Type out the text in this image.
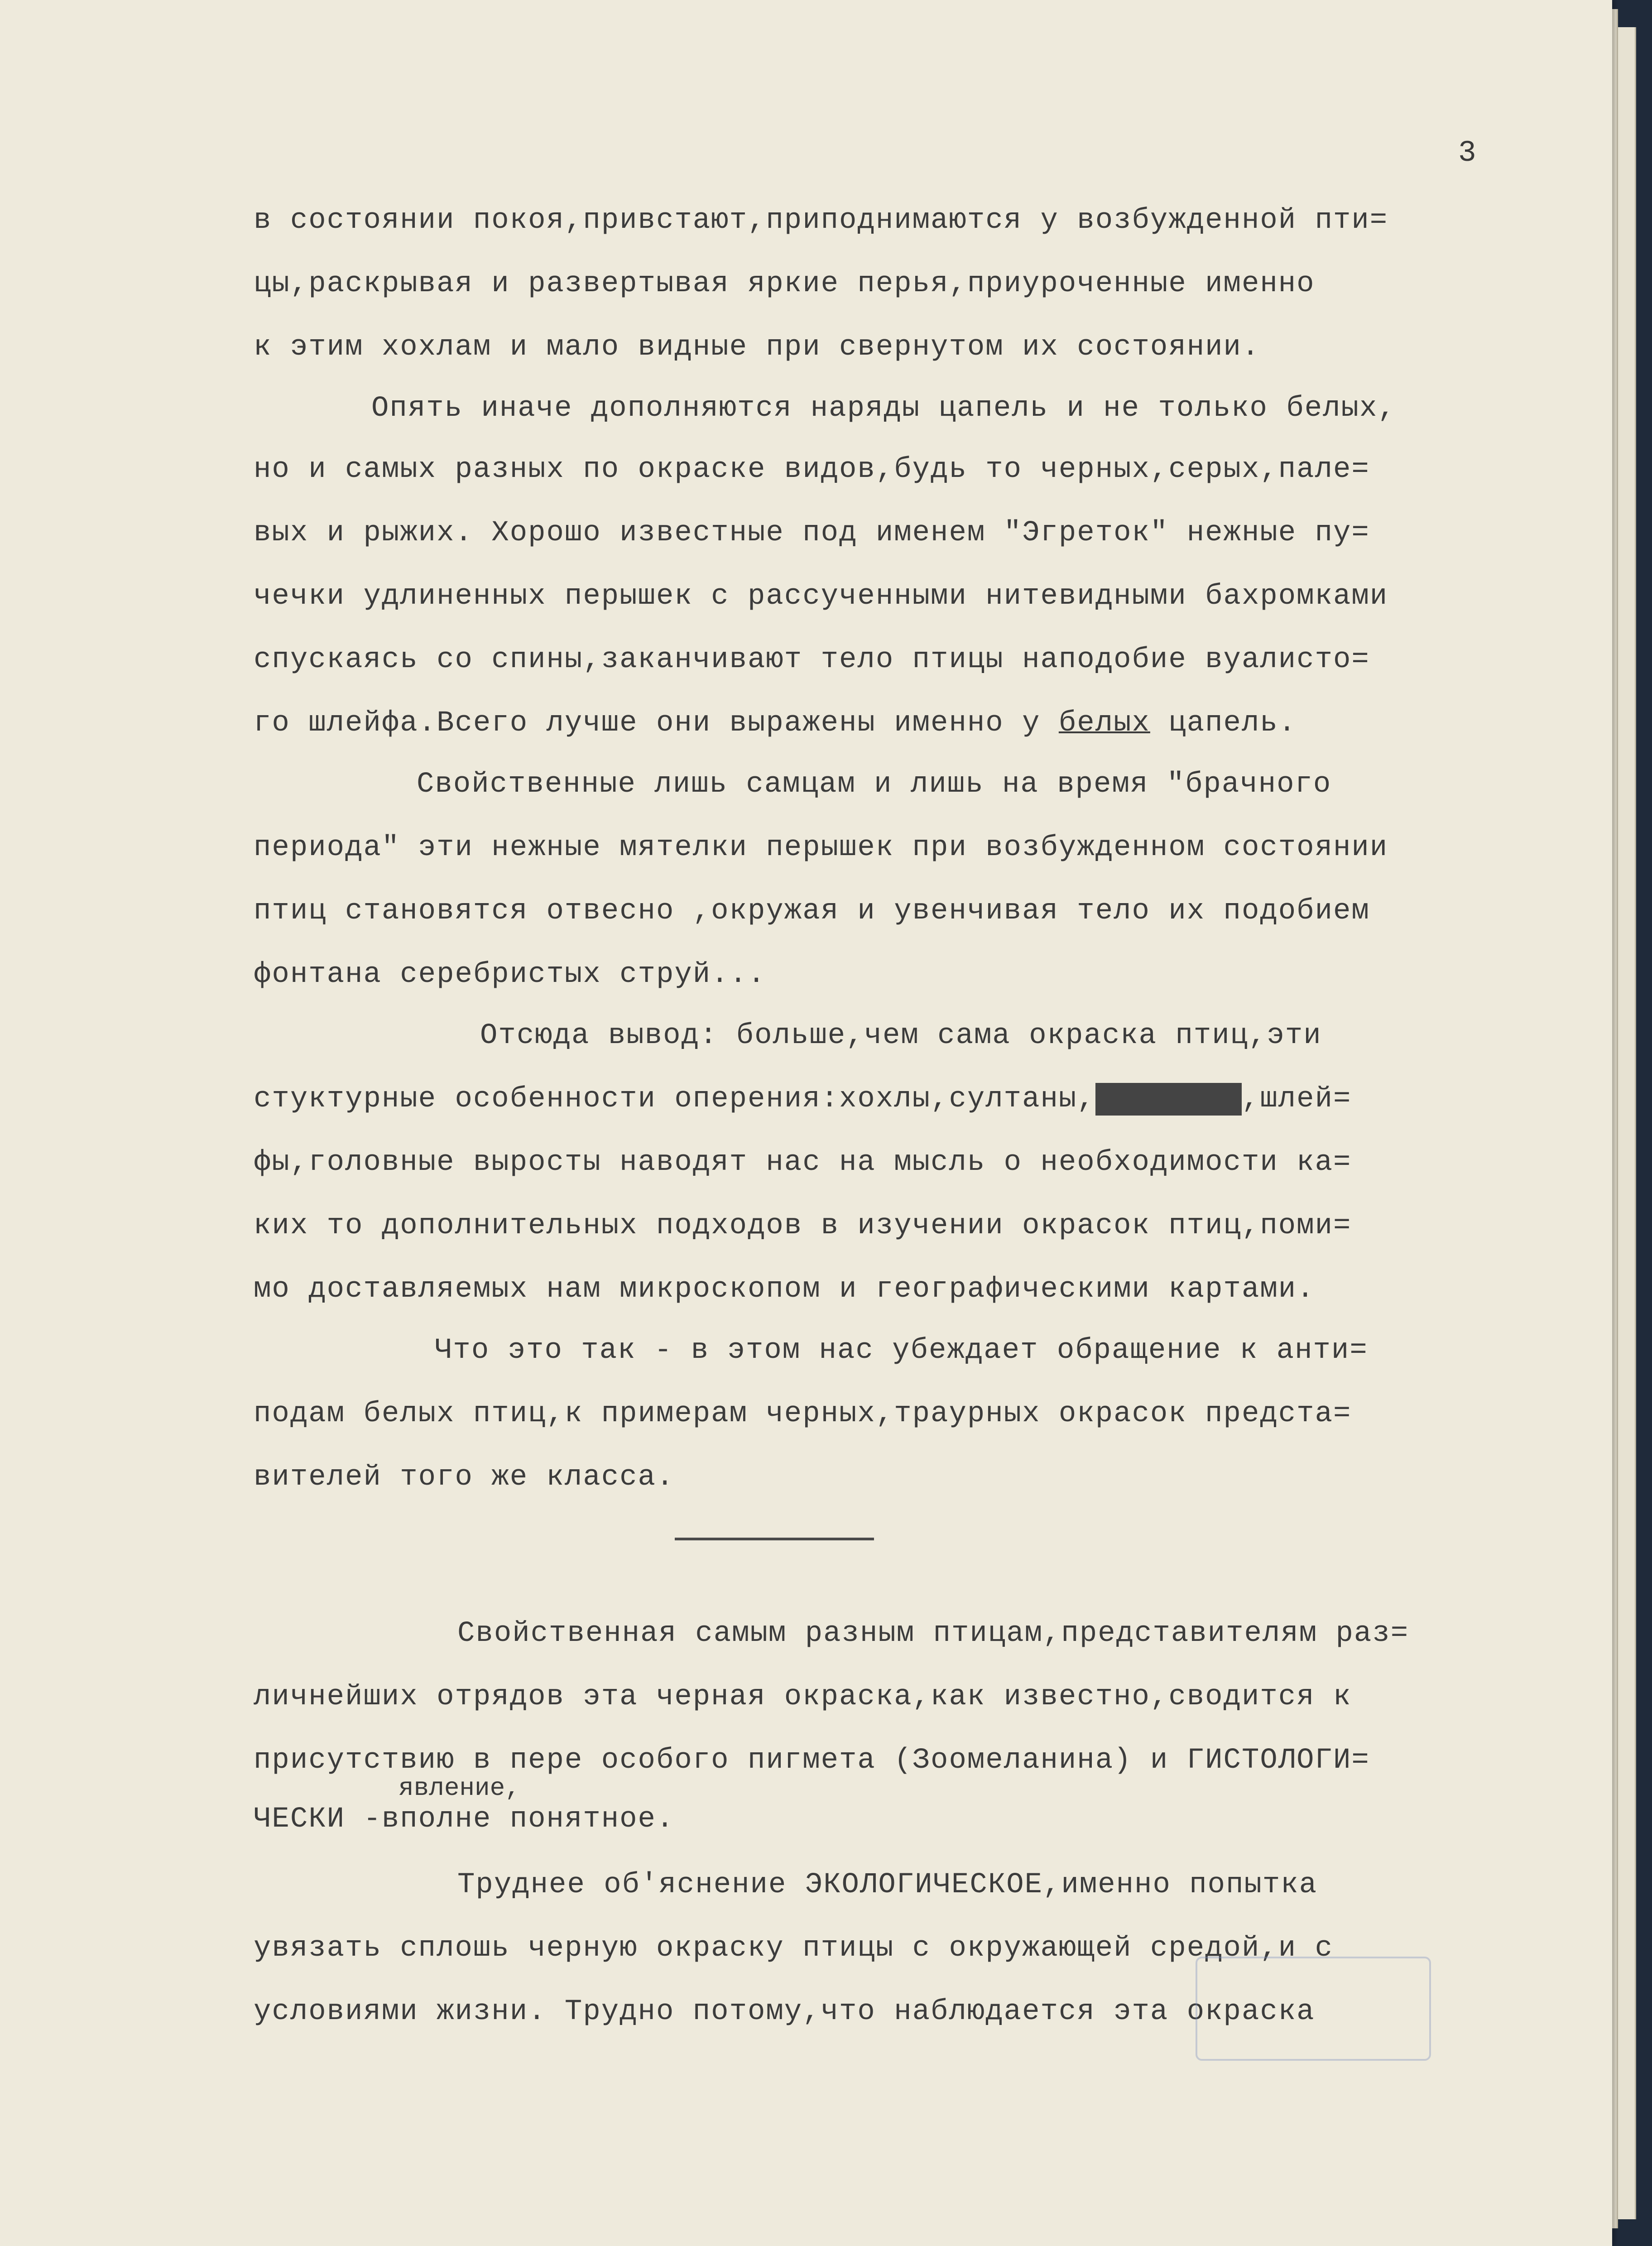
3
в состоянии покоя,привстают,приподнимаются у возбужденной пти=
цы,раскрывая и развертывая яркие перья,приуроченные именно
к этим хохлам и мало видные при свернутом их состоянии.
Опять иначе дополняются наряды цапель и не только белых,
но и самых разных по окраске видов,будь то черных,серых,пале=
вых и рыжих. Хорошо известные под именем "Эгреток" нежные пу=
чечки удлиненных перышек с рассученными нитевидными бахромками
спускаясь со спины,заканчивают тело птицы наподобие вуалисто=
го шлейфа.Всего лучше они выражены именно у белых цапель.
Свойственные лишь самцам и лишь на время "брачного
периода" эти нежные мятелки перышек при возбужденном состоянии
птиц становятся отвесно ,окружая и увенчивая тело их подобием
фонтана серебристых струй...
Отсюда вывод: больше,чем сама окраска птиц,эти
стуктурные особенности оперения:хохлы,султаны,шлейфами,шлей=
фы,головные выросты наводят нас на мысль о необходимости ка=
ких то дополнительных подходов в изучении окрасок птиц,поми=
мо доставляемых нам микроскопом и географическими картами.
Что это так - в этом нас убеждает обращение к анти=
подам белых птиц,к примерам черных,траурных окрасок предста=
вителей того же класса.
Свойственная самым разным птицам,представителям раз=
личнейших отрядов эта черная окраска,как известно,сводится к
присутствию в пере особого пигмета (Зоомеланина) и ГИСТОЛОГИ=
явление,
ЧЕСКИ -вполне понятное.
Труднее об'яснение ЭКОЛОГИЧЕСКОЕ,именно попытка
увязать сплошь черную окраску птицы с окружающей средой,и с
условиями жизни. Трудно потому,что наблюдается эта окраска
